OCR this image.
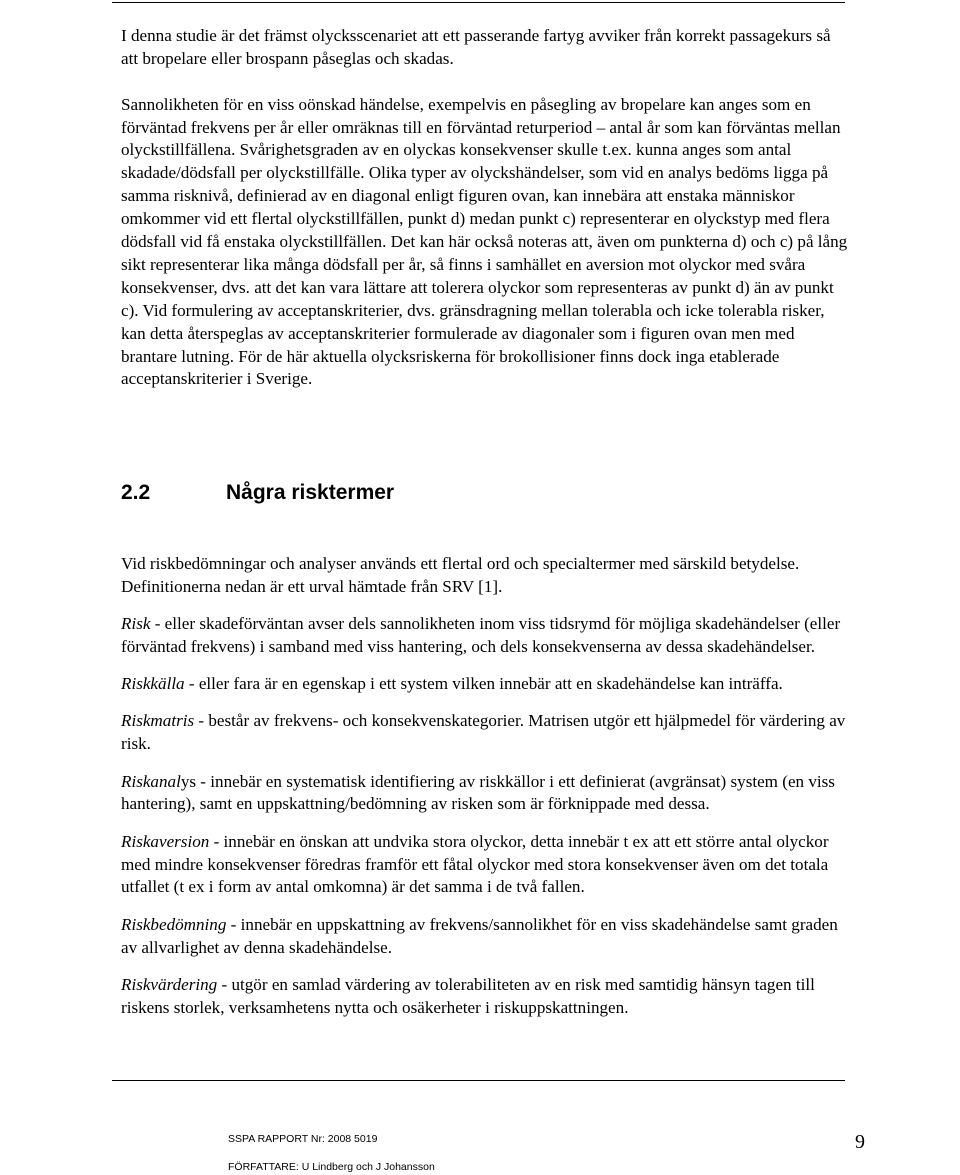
I denna studie är det främst olycksscenariet att ett passerande fartyg avviker från korrekt passagekurs så att bropelare eller brospann påseglas och skadas.

Sannolikheten för en viss oönskad händelse, exempelvis en påsegling av bropelare kan anges som en förväntad frekvens per år eller omräknas till en förväntad returperiod – antal år som kan förväntas mellan olyckstillfällena. Svårighetsgraden av en olyckas konsekvenser skulle t.ex. kunna anges som antal skadade/dödsfall per olyckstillfälle. Olika typer av olyckshändelser, som vid en analys bedöms ligga på samma risknivå, definierad av en diagonal enligt figuren ovan, kan innebära att enstaka människor omkommer vid ett flertal olyckstillfällen, punkt d) medan punkt c) representerar en olyckstyp med flera dödsfall vid få enstaka olyckstillfällen. Det kan här också noteras att, även om punkterna d) och c) på lång sikt representerar lika många dödsfall per år, så finns i samhället en aversion mot olyckor med svåra konsekvenser, dvs. att det kan vara lättare att tolerera olyckor som representeras av punkt d) än av punkt c). Vid formulering av acceptanskriterier, dvs. gränsdragning mellan tolerabla och icke tolerabla risker, kan detta återspeglas av acceptanskriterier formulerade av diagonaler som i figuren ovan men med brantare lutning. För de här aktuella olycksriskerna för brokollisioner finns dock inga etablerade acceptanskriterier i Sverige.

2.2	Några risktermer

Vid riskbedömningar och analyser används ett flertal ord och specialtermer med särskild betydelse. Definitionerna nedan är ett urval hämtade från SRV [1].

Risk - eller skadeförväntan avser dels sannolikheten inom viss tidsrymd för möjliga skadehändelser (eller förväntad frekvens) i samband med viss hantering, och dels konsekvenserna av dessa skadehändelser.

Riskkälla - eller fara är en egenskap i ett system vilken innebär att en skadehändelse kan inträffa.

Riskmatris - består av frekvens- och konsekvenskategorier. Matrisen utgör ett hjälpmedel för värdering av risk.

Riskanalys - innebär en systematisk identifiering av riskkällor i ett definierat (avgränsat) system (en viss hantering), samt en uppskattning/bedömning av risken som är förknippade med dessa.

Riskaversion - innebär en önskan att undvika stora olyckor, detta innebär t ex att ett större antal olyckor med mindre konsekvenser föredras framför ett fåtal olyckor med stora konsekvenser även om det totala utfallet (t ex i form av antal omkomna) är det samma i de två fallen.

Riskbedömning - innebär en uppskattning av frekvens/sannolikhet för en viss skadehändelse samt graden av allvarlighet av denna skadehändelse.

Riskvärdering - utgör en samlad värdering av tolerabiliteten av en risk med samtidig hänsyn tagen till riskens storlek, verksamhetens nytta och osäkerheter i riskuppskattningen.

SSPA RAPPORT Nr: 2008 5019
FÖRFATTARE: U Lindberg och J Johansson
9
